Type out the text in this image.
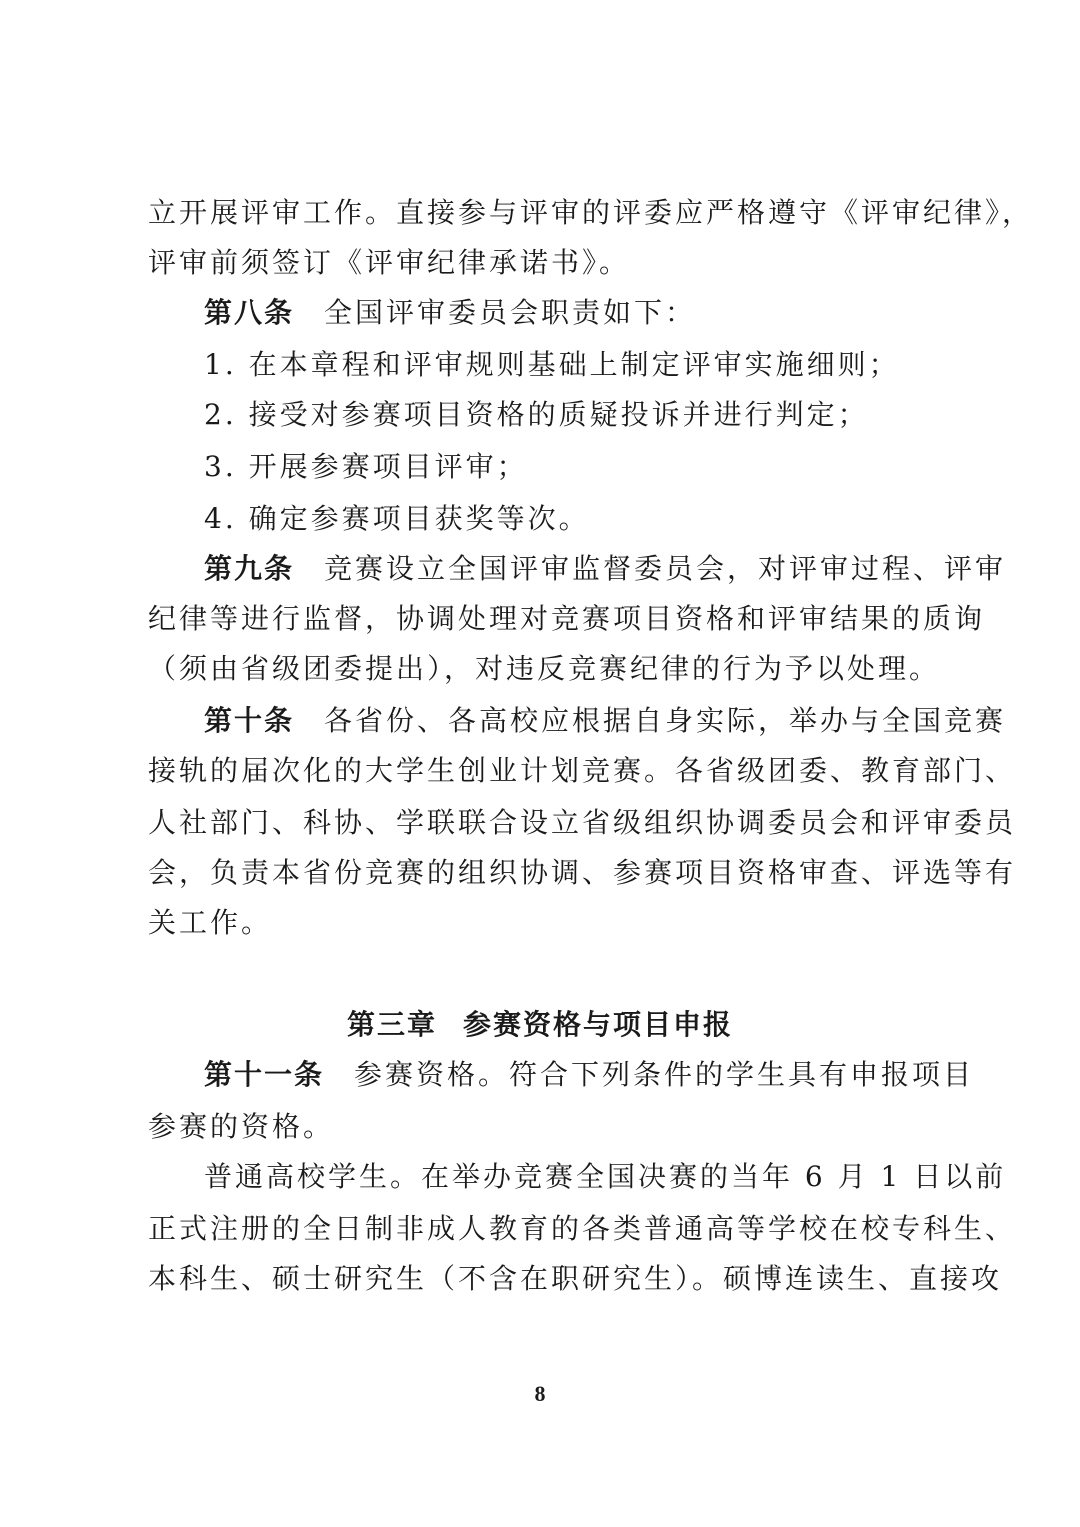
立开展评审工作。直接参与评审的评委应严格遵守《评审纪律》，
评审前须签订《评审纪律承诺书》。
第八条 全国评审委员会职责如下：
1. 在本章程和评审规则基础上制定评审实施细则；
2. 接受对参赛项目资格的质疑投诉并进行判定；
3. 开展参赛项目评审；
4. 确定参赛项目获奖等次。
第九条 竞赛设立全国评审监督委员会，对评审过程、评审
纪律等进行监督，协调处理对竞赛项目资格和评审结果的质询
（须由省级团委提出），对违反竞赛纪律的行为予以处理。
第十条 各省份、各高校应根据自身实际，举办与全国竞赛
接轨的届次化的大学生创业计划竞赛。各省级团委、教育部门、
人社部门、科协、学联联合设立省级组织协调委员会和评审委员
会，负责本省份竞赛的组织协调、参赛项目资格审查、评选等有
关工作。
第三章 参赛资格与项目申报
第十一条 参赛资格。符合下列条件的学生具有申报项目
参赛的资格。
普通高校学生。在举办竞赛全国决赛的当年 6 月 1 日以前
正式注册的全日制非成人教育的各类普通高等学校在校专科生、
本科生、硕士研究生（不含在职研究生）。硕博连读生、直接攻
8
